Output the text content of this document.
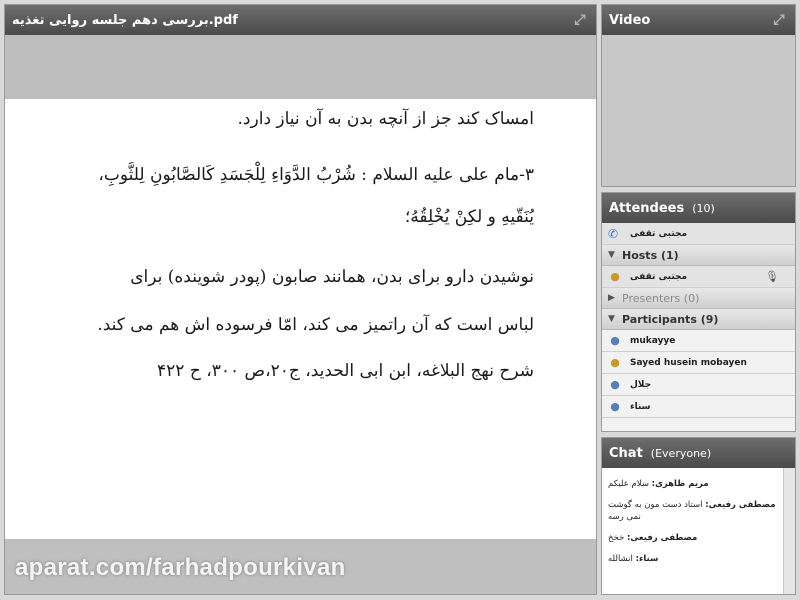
بررسی دهم جلسه روایی تغذیه.pdf	⤢
امساک کند جز از آنچه بدن به آن نیاز دارد.
۳-مام علی علیه السلام : شُرْبُ الدَّوَاءِ لِلْجَسَدِ كَالصَّابُونِ لِلثَّوبِ،
يُنَقّيهِ و لكِنْ يُخْلِقُهُ؛
نوشیدن دارو برای بدن، همانند صابون (پودر شوینده) برای
لباس است که آن راتمیز می کند، امّا فرسوده اش هم می کند.
شرح نهج البلاغه، ابن ابی الحدید، ج۲۰،ص ۳۰۰، ح ۴۲۲
aparat.com/farhadpourkivan
Video	⤢
Attendees (10)
✆	مجتبی تقفی
▼ Hosts (1)
● مجتبی تقفی	🎙
▶ Presenters (0)
▼ Participants (9)
● mukayye
● Sayed husein mobayen
● جلال
● سناء
Chat (Everyone)
مریم طاهری: سلام علیکم
مصطفی رفیعی: استاد دست مون به گوشت نمی رسه
مصطفی رفیعی: خخخ
سناء: انشالله
